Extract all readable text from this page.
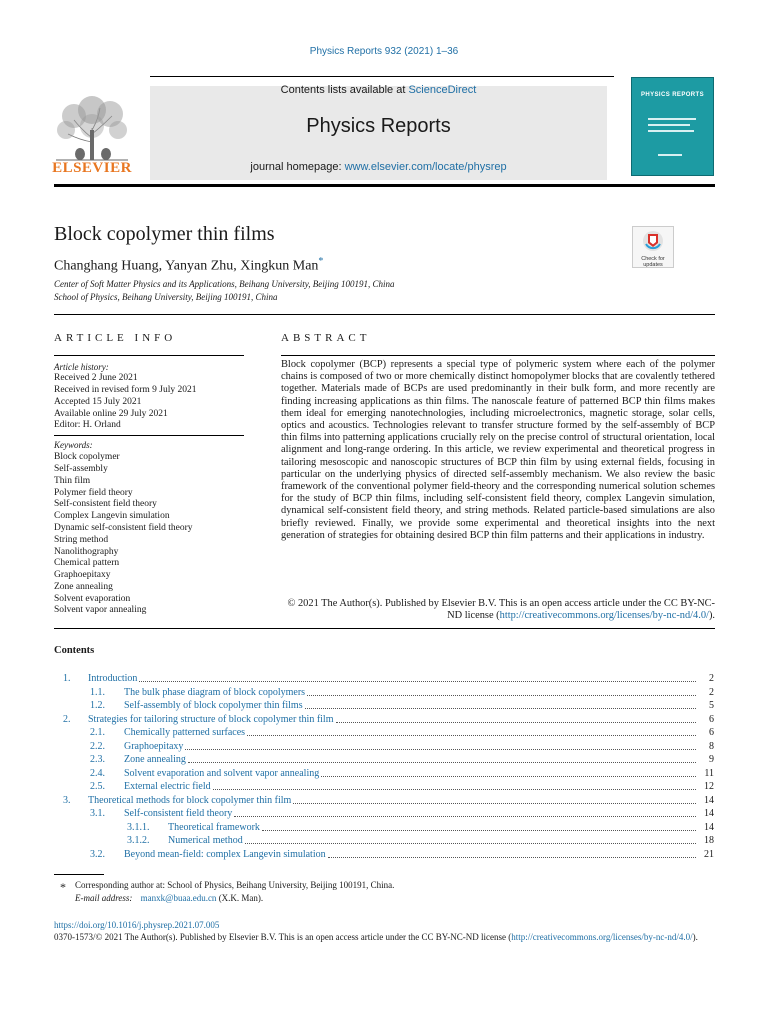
Physics Reports 932 (2021) 1–36
Contents lists available at ScienceDirect
Physics Reports
journal homepage: www.elsevier.com/locate/physrep
ELSEVIER
PHYSICS REPORTS
Block copolymer thin films
Changhang Huang, Yanyan Zhu, Xingkun Man*
Center of Soft Matter Physics and its Applications, Beihang University, Beijing 100191, China
School of Physics, Beihang University, Beijing 100191, China
Check for updates
ARTICLE INFO	ABSTRACT
Article history:
Received 2 June 2021
Received in revised form 9 July 2021
Accepted 15 July 2021
Available online 29 July 2021
Editor: H. Orland
Keywords:
Block copolymer
Self-assembly
Thin film
Polymer field theory
Self-consistent field theory
Complex Langevin simulation
Dynamic self-consistent field theory
String method
Nanolithography
Chemical pattern
Graphoepitaxy
Zone annealing
Solvent evaporation
Solvent vapor annealing
Block copolymer (BCP) represents a special type of polymeric system where each of the polymer chains is composed of two or more chemically distinct homopolymer blocks that are covalently tethered together. Materials made of BCPs are used predominantly in their bulk form, and more recently are finding increasing applications as thin films. The nanoscale feature of patterned BCP thin films makes them ideal for emerging nanotechnologies, including microelectronics, magnetic storage, solar cells, optics and acoustics. Technologies relevant to transfer structure formed by the self-assembly of BCP thin films into patterning applications crucially rely on the precise control of structural orientation, local alignment and long-range ordering. In this article, we review experimental and theoretical progress in tailoring mesoscopic and nanoscopic structures of BCP thin film by using external fields, focusing in particular on the underlying physics of directed self-assembly mechanism. We also review the basic framework of the conventional polymer field-theory and the corresponding numerical solution schemes for the study of BCP thin films, including self-consistent field theory, complex Langevin simulation, dynamical self-consistent field theory, and string methods. Related particle-based simulations are also briefly reviewed. Finally, we provide some experimental and theoretical insights into the next generation of strategies for obtaining desired BCP thin film patterns and their applications in industry.
© 2021 The Author(s). Published by Elsevier B.V. This is an open access article under the CC BY-NC-ND license (http://creativecommons.org/licenses/by-nc-nd/4.0/).
Contents
1. Introduction	2
1.1. The bulk phase diagram of block copolymers	2
1.2. Self-assembly of block copolymer thin films	5
2. Strategies for tailoring structure of block copolymer thin film	6
2.1. Chemically patterned surfaces	6
2.2. Graphoepitaxy	8
2.3. Zone annealing	9
2.4. Solvent evaporation and solvent vapor annealing	11
2.5. External electric field	12
3. Theoretical methods for block copolymer thin film	14
3.1. Self-consistent field theory	14
3.1.1. Theoretical framework	14
3.1.2. Numerical method	18
3.2. Beyond mean-field: complex Langevin simulation	21
* Corresponding author at: School of Physics, Beihang University, Beijing 100191, China.
E-mail address: manxk@buaa.edu.cn (X.K. Man).
https://doi.org/10.1016/j.physrep.2021.07.005
0370-1573/© 2021 The Author(s). Published by Elsevier B.V. This is an open access article under the CC BY-NC-ND license (http://creativecommons.org/licenses/by-nc-nd/4.0/).
